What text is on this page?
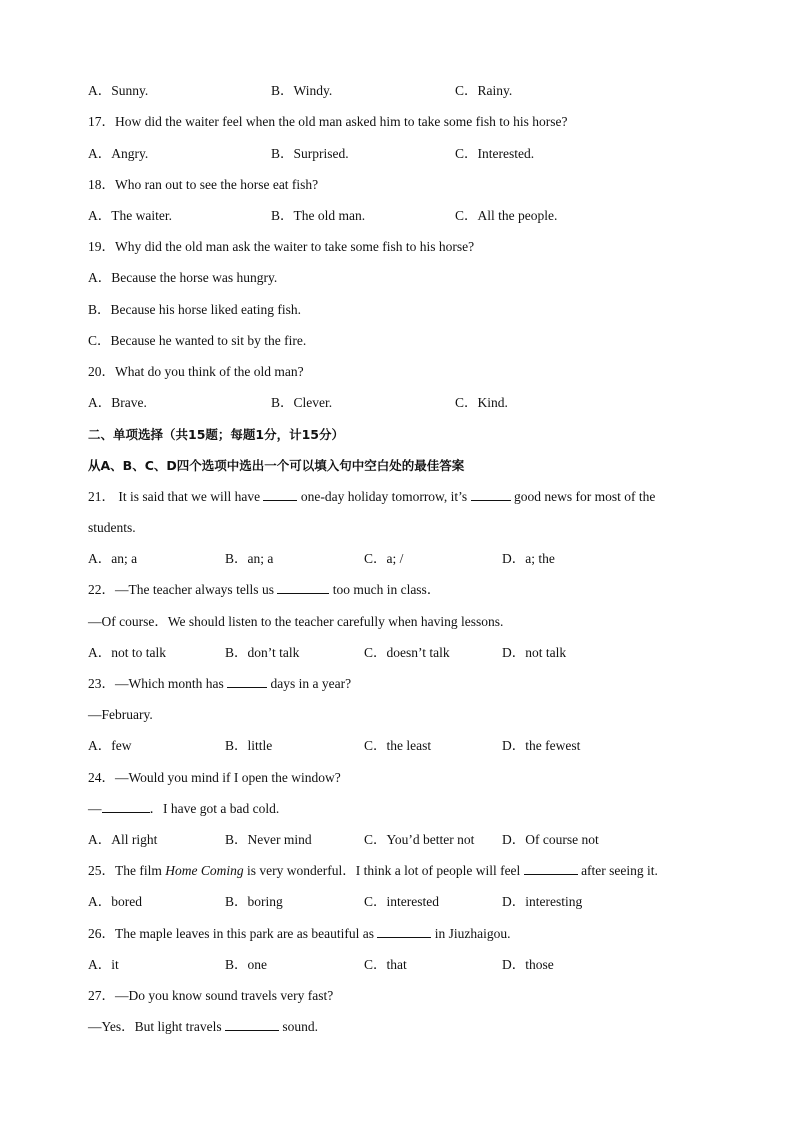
A．Sunny.	B．Windy.	C．Rainy.
17．How did the waiter feel when the old man asked him to take some fish to his horse?
A．Angry.	B．Surprised.	C．Interested.
18．Who ran out to see the horse eat fish?
A．The waiter.	B．The old man.	C．All the people.
19．Why did the old man ask the waiter to take some fish to his horse?
A．Because the horse was hungry.
B．Because his horse liked eating fish.
C．Because he wanted to sit by the fire.
20．What do you think of the old man?
A．Brave.	B．Clever.	C．Kind.
二、单项选择（共15题；每题1分，计15分）
从A、B、C、D四个选项中选出一个可以填入句中空白处的最佳答案
21． It is said that we will have	one-day holiday tomorrow, it’s	good news for most of the
students.
A．an; a	B．an; a	C．a; /	D．a; the
22．—The teacher always tells us	too much in class．
—Of course．We should listen to the teacher carefully when having lessons.
A．not to talk	B．don’t talk	C．doesn’t talk	D．not talk
23．—Which month has	days in a year?
—February.
A．few	B．little	C．the least	D．the fewest
24．—Would you mind if I open the window?
—	．I have got a bad cold.
A．All right	B．Never mind	C．You’d better not D．Of course not
25．The film Home Coming is very wonderful．I think a lot of people will feel	after seeing it.
A．bored	B．boring	C．interested	D．interesting
26．The maple leaves in this park are as beautiful as	in Jiuzhaigou.
A．it	B．one	C．that	D．those
27．—Do you know sound travels very fast?
—Yes．But light travels	sound.
